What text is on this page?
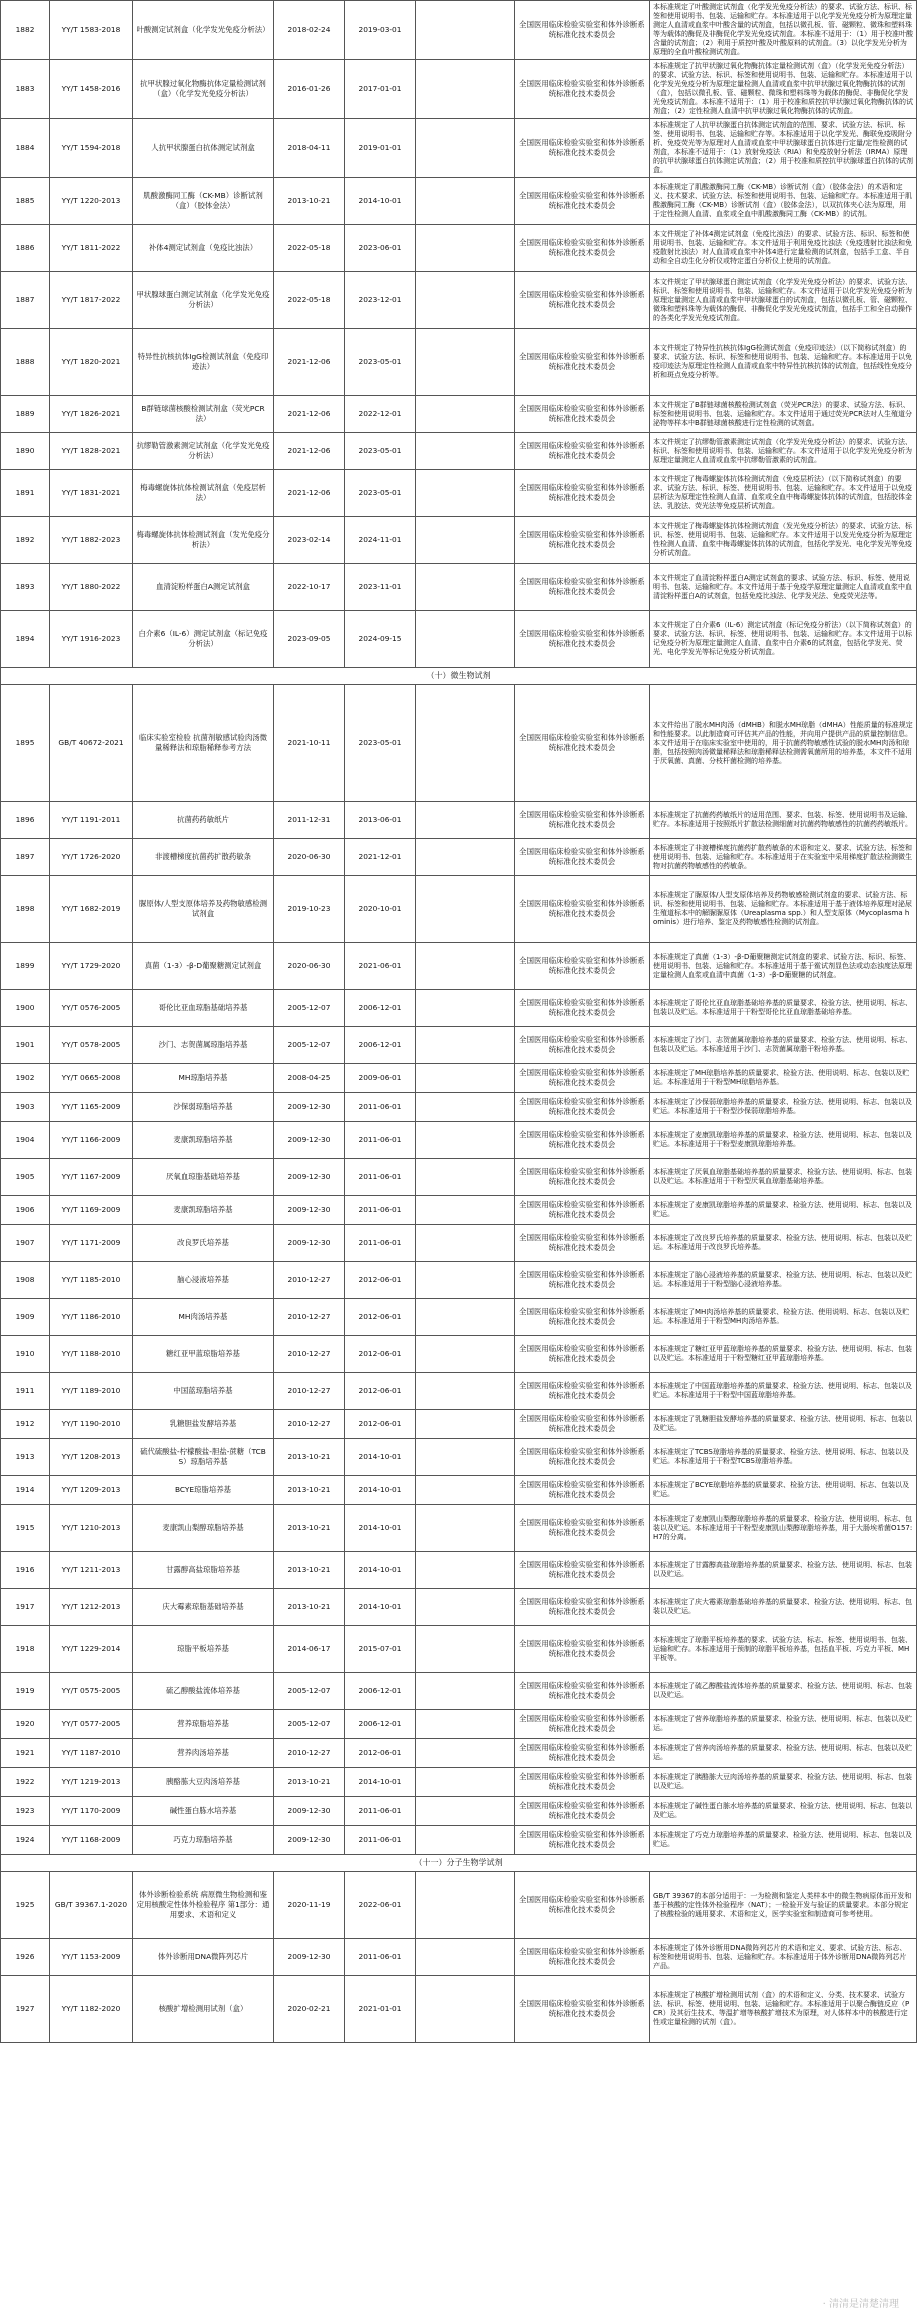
1882	YY/T 1583-2018	叶酸测定试剂盒（化学发光免疫分析法）	2018-02-24	2019-03-01		全国医用临床检验实验室和体外诊断系统标准化技术委员会	本标准规定了叶酸测定试剂盒（化学发光免疫分析法）的要求、试验方法、标识、标签和使用说明书、包装、运输和贮存。本标准适用于以化学发光免疫分析为原理定量测定人血清或血浆中叶酸含量的试剂盒，包括以微孔板、管、磁颗粒、微珠和塑料珠等为载体的酶促及非酶促化学发光免疫试剂盒。本标准不适用于：（1）用于校准叶酸含量的试剂盒；（2）利用于质控叶酸及叶酸原料的试剂盒。（3）以化学发光分析为原理的全血叶酸检测试剂盒。
1883	YY/T 1458-2016	抗甲状腺过氧化物酶抗体定量检测试剂（盒）（化学发光免疫分析法）	2016-01-26	2017-01-01		全国医用临床检验实验室和体外诊断系统标准化技术委员会	本标准规定了抗甲状腺过氧化物酶抗体定量检测试剂（盒）（化学发光免疫分析法）的要求、试验方法、标识、标签和使用说明书、包装、运输和贮存。本标准适用于以化学发光免疫分析为原理定量检测人血清或血浆中抗甲状腺过氧化物酶抗体的试剂（盒），包括以微孔板、管、磁颗粒、微珠和塑料珠等为载体的酶促、非酶促化学发光免疫试剂盒。本标准不适用于：（1）用于校准和质控抗甲状腺过氧化物酶抗体的试剂盒；（2）定性检测人血清中抗甲状腺过氧化物酶抗体的试剂盒。
1884	YY/T 1594-2018	人抗甲状腺蛋白抗体测定试剂盒	2018-04-11	2019-01-01		全国医用临床检验实验室和体外诊断系统标准化技术委员会	本标准规定了人抗甲状腺蛋白抗体测定试剂盒的范围、要求、试验方法、标识、标签、使用说明书、包装、运输和贮存等。本标准适用于以化学发光、酶联免疫吸附分析、免疫荧光等为原理对人血清或血浆中甲状腺球蛋白抗体进行定量/定性检测的试剂盒，本标准不适用于：（1）放射免疫法（RIA）和免疫放射分析法（IRMA）原理的抗甲状腺球蛋白抗体测定试剂盒；（2）用于校准和质控抗甲状腺球蛋白抗体的试剂盒。
1885	YY/T 1220-2013	肌酸激酶同工酶（CK-MB）诊断试剂（盒）（胶体金法）	2013-10-21	2014-10-01		全国医用临床检验实验室和体外诊断系统标准化技术委员会	本标准规定了肌酸激酶同工酶（CK-MB）诊断试剂（盒）（胶体金法）的术语和定义、技术要求、试验方法、标签和使用说明书、包装、运输和贮存。本标准适用于肌酸激酶同工酶（CK-MB）诊断试剂（盒）（胶体金法），以双抗体夹心法为原理，用于定性检测人血清、血浆或全血中肌酸激酶同工酶（CK-MB）的试剂。
1886	YY/T 1811-2022	补体4测定试剂盒（免疫比浊法）	2022-05-18	2023-06-01		全国医用临床检验实验室和体外诊断系统标准化技术委员会	本文件规定了补体4测定试剂盒（免疫比浊法）的要求、试验方法、标识、标签和使用说明书、包装、运输和贮存。本文件适用于利用免疫比浊法（免疫透射比浊法和免疫散射比浊法）对人血清或血浆中补体4进行定量检测的试剂盒，包括手工盒、半自动和全自动生化分析仪或特定蛋白分析仪上使用的试剂盒。
1887	YY/T 1817-2022	甲状腺球蛋白测定试剂盒（化学发光免疫分析法）	2022-05-18	2023-12-01		全国医用临床检验实验室和体外诊断系统标准化技术委员会	本文件规定了甲状腺球蛋白测定试剂盒（化学发光免疫分析法）的要求、试验方法、标识、标签和使用说明书、包装、运输和贮存。本文件适用于以化学发光免疫分析为原理定量测定人血清或血浆中甲状腺球蛋白的试剂盒，包括以微孔板、管、磁颗粒、微珠和塑料珠等为载体的酶促、非酶促化学发光免疫试剂盒，包括手工和全自动操作的各类化学发光免疫试剂盒。
1888	YY/T 1820-2021	特异性抗核抗体IgG检测试剂盒（免疫印迹法）	2021-12-06	2023-05-01		全国医用临床检验实验室和体外诊断系统标准化技术委员会	本文件规定了特异性抗核抗体IgG检测试剂盒（免疫印迹法）（以下简称试剂盒）的要求、试验方法、标识、标签和使用说明书、包装、运输和贮存。本标准适用于以免疫印迹法为原理定性检测人血清或血浆中特异性抗核抗体的试剂盒，包括线性免疫分析和斑点免疫分析等。
1889	YY/T 1826-2021	B群链球菌核酸检测试剂盒（荧光PCR法）	2021-12-06	2022-12-01		全国医用临床检验实验室和体外诊断系统标准化技术委员会	本文件规定了B群链球菌核酸检测试剂盒（荧光PCR法）的要求、试验方法、标识、标签和使用说明书、包装、运输和贮存。本文件适用于通过荧光PCR法对人生殖道分泌物等样本中B群链球菌核酸进行定性检测的试剂盒。
1890	YY/T 1828-2021	抗缪勒管激素测定试剂盒（化学发光免疫分析法）	2021-12-06	2023-05-01		全国医用临床检验实验室和体外诊断系统标准化技术委员会	本文件规定了抗缪勒管激素测定试剂盒（化学发光免疫分析法）的要求、试验方法、标识、标签和使用说明书、包装、运输和贮存。本文件适用于以化学发光免疫分析为原理定量测定人血清或血浆中抗缪勒管激素的试剂盒。
1891	YY/T 1831-2021	梅毒螺旋体抗体检测试剂盒（免疫层析法）	2021-12-06	2023-05-01		全国医用临床检验实验室和体外诊断系统标准化技术委员会	本文件规定了梅毒螺旋体抗体检测试剂盒（免疫层析法）（以下简称试剂盒）的要求、试验方法、标识、标签、使用说明书、包装、运输和贮存。本文件适用于以免疫层析法为原理定性检测人血清、血浆或全血中梅毒螺旋体抗体的试剂盒，包括胶体金法、乳胶法、荧光法等免疫层析试剂盒。
1892	YY/T 1882-2023	梅毒螺旋体抗体检测试剂盒（发光免疫分析法）	2023-02-14	2024-11-01		全国医用临床检验实验室和体外诊断系统标准化技术委员会	本文件规定了梅毒螺旋体抗体检测试剂盒（发光免疫分析法）的要求、试验方法、标识、标签、使用说明书、包装、运输和贮存。本文件适用于以发光免疫分析为原理定性检测人血清、血浆中梅毒螺旋体抗体的试剂盒，包括化学发光、电化学发光等免疫分析试剂盒。
1893	YY/T 1880-2022	血清淀粉样蛋白A测定试剂盒	2022-10-17	2023-11-01		全国医用临床检验实验室和体外诊断系统标准化技术委员会	本文件规定了血清淀粉样蛋白A测定试剂盒的要求、试验方法、标识、标签、使用说明书、包装、运输和贮存。本文件适用于基于免疫学原理定量测定人血清或血浆中血清淀粉样蛋白A的试剂盒，包括免疫比浊法、化学发光法、免疫荧光法等。
1894	YY/T 1916-2023	白介素6（IL-6）测定试剂盒（标记免疫分析法）	2023-09-05	2024-09-15		全国医用临床检验实验室和体外诊断系统标准化技术委员会	本文件规定了白介素6（IL-6）测定试剂盒（标记免疫分析法）（以下简称试剂盒）的要求、试验方法、标识、标签、使用说明书、包装、运输和贮存。本文件适用于以标记免疫分析为原理定量测定人血清、血浆中白介素6的试剂盒，包括化学发光、荧光、电化学发光等标记免疫分析试剂盒。
（十）微生物试剂							
1895	GB/T 40672-2021	临床实验室检验 抗菌剂敏感试验肉汤微量稀释法和琼脂稀释参考方法	2021-10-11	2023-05-01		全国医用临床检验实验室和体外诊断系统标准化技术委员会	本文件给出了脱水MH肉汤（dMHB）和脱水MH琼脂（dMHA）性能质量的标准规定和性能要求。以此制造商可评估其产品的性能，并向用户提供产品的质量控制信息。本文件适用于在临床实验室中使用的，用于抗菌药物敏感性试验的脱水MH肉汤和琼脂，包括按照肉汤微量稀释法和琼脂稀释法检测需氧菌所用的培养基，本文件不适用于厌氧菌、真菌、分枝杆菌检测的培养基。
1896	YY/T 1191-2011	抗菌药药敏纸片	2011-12-31	2013-06-01		全国医用临床检验实验室和体外诊断系统标准化技术委员会	本标准规定了抗菌药药敏纸片的适用范围、要求、包装、标签、使用说明书及运输、贮存。本标准适用于按照纸片扩散法检测细菌对抗菌药物敏感性的抗菌药药敏纸片。
1897	YY/T 1726-2020	非渡槽梯度抗菌药扩散药敏条	2020-06-30	2021-12-01		全国医用临床检验实验室和体外诊断系统标准化技术委员会	本标准规定了非渡槽梯度抗菌药扩散药敏条的术语和定义、要求、试验方法、标签和使用说明书、包装、运输和贮存。本标准适用于在实验室中采用梯度扩散法检测微生物对抗菌药物敏感性的药敏条。
1898	YY/T 1682-2019	脲原体/人型支原体培养及药物敏感检测试剂盒	2019-10-23	2020-10-01		全国医用临床检验实验室和体外诊断系统标准化技术委员会	本标准规定了脲原体/人型支原体培养及药物敏感检测试剂盒的要求、试验方法、标识、标签和使用说明书、包装、运输和贮存。本标准适用于基于液体培养原理对泌尿生殖道标本中的解脲脲原体（Ureaplasma spp.）和人型支原体（Mycoplasma hominis）进行培养、鉴定及药物敏感性检测的试剂盒。
1899	YY/T 1729-2020	真菌（1-3）-β-D葡聚糖测定试剂盒	2020-06-30	2021-06-01		全国医用临床检验实验室和体外诊断系统标准化技术委员会	本标准规定了真菌（1-3）-β-D葡聚糖测定试剂盒的要求、试验方法、标识、标签、使用说明书、包装、运输和贮存。本标准适用于基于鲎试剂显色法或动态浊度法原理定量检测人血浆或血清中真菌（1-3）-β-D葡聚糖的试剂盒。
1900	YY/T 0576-2005	哥伦比亚血琼脂基础培养基	2005-12-07	2006-12-01		全国医用临床检验实验室和体外诊断系统标准化技术委员会	本标准规定了哥伦比亚血琼脂基础培养基的质量要求、检验方法、使用说明、标志、包装以及贮运。本标准适用于干粉型哥伦比亚血琼脂基础培养基。
1901	YY/T 0578-2005	沙门、志贺菌属琼脂培养基	2005-12-07	2006-12-01		全国医用临床检验实验室和体外诊断系统标准化技术委员会	本标准规定了沙门、志贺菌属琼脂培养基的质量要求、检验方法、使用说明、标志、包装以及贮运。本标准适用于沙门、志贺菌属琼脂干粉培养基。
1902	YY/T 0665-2008	MH琼脂培养基	2008-04-25	2009-06-01		全国医用临床检验实验室和体外诊断系统标准化技术委员会	本标准规定了MH琼脂培养基的质量要求、检验方法、使用说明、标志、包装以及贮运。本标准适用于干粉型MH琼脂培养基。
1903	YY/T 1165-2009	沙保弱琼脂培养基	2009-12-30	2011-06-01		全国医用临床检验实验室和体外诊断系统标准化技术委员会	本标准规定了沙保弱琼脂培养基的质量要求、检验方法、使用说明、标志、包装以及贮运。本标准适用于干粉型沙保弱琼脂培养基。
1904	YY/T 1166-2009	麦康凯琼脂培养基	2009-12-30	2011-06-01		全国医用临床检验实验室和体外诊断系统标准化技术委员会	本标准规定了麦康凯琼脂培养基的质量要求、检验方法、使用说明、标志、包装以及贮运。本标准适用于干粉型麦康凯琼脂培养基。
1905	YY/T 1167-2009	厌氧血琼脂基础培养基	2009-12-30	2011-06-01		全国医用临床检验实验室和体外诊断系统标准化技术委员会	本标准规定了厌氧血琼脂基础培养基的质量要求、检验方法、使用说明、标志、包装以及贮运。本标准适用于干粉型厌氧血琼脂基础培养基。
1906	YY/T 1169-2009	麦康凯琼脂培养基	2009-12-30	2011-06-01		全国医用临床检验实验室和体外诊断系统标准化技术委员会	本标准规定了麦康凯琼脂培养基的质量要求、检验方法、使用说明、标志、包装以及贮运。
1907	YY/T 1171-2009	改良罗氏培养基	2009-12-30	2011-06-01		全国医用临床检验实验室和体外诊断系统标准化技术委员会	本标准规定了改良罗氏培养基的质量要求、检验方法、使用说明、标志、包装以及贮运。本标准适用于改良罗氏培养基。
1908	YY/T 1185-2010	脑心浸液培养基	2010-12-27	2012-06-01		全国医用临床检验实验室和体外诊断系统标准化技术委员会	本标准规定了脑心浸液培养基的质量要求、检验方法、使用说明、标志、包装以及贮运。本标准适用于干粉型脑心浸液培养基。
1909	YY/T 1186-2010	MH肉汤培养基	2010-12-27	2012-06-01		全国医用临床检验实验室和体外诊断系统标准化技术委员会	本标准规定了MH肉汤培养基的质量要求、检验方法、使用说明、标志、包装以及贮运。本标准适用于干粉型MH肉汤培养基。
1910	YY/T 1188-2010	糖红亚甲蓝琼脂培养基	2010-12-27	2012-06-01		全国医用临床检验实验室和体外诊断系统标准化技术委员会	本标准规定了糖红亚甲蓝琼脂培养基的质量要求、检验方法、使用说明、标志、包装以及贮运。本标准适用于干粉型糖红亚甲蓝琼脂培养基。
1911	YY/T 1189-2010	中国蓝琼脂培养基	2010-12-27	2012-06-01		全国医用临床检验实验室和体外诊断系统标准化技术委员会	本标准规定了中国蓝琼脂培养基的质量要求、检验方法、使用说明、标志、包装以及贮运。本标准适用于干粉型中国蓝琼脂培养基。
1912	YY/T 1190-2010	乳糖胆盐发酵培养基	2010-12-27	2012-06-01		全国医用临床检验实验室和体外诊断系统标准化技术委员会	本标准规定了乳糖胆盐发酵培养基的质量要求、检验方法、使用说明、标志、包装以及贮运。
1913	YY/T 1208-2013	硫代硫酸盐-柠檬酸盐-胆盐-蔗糖（TCBS）琼脂培养基	2013-10-21	2014-10-01		全国医用临床检验实验室和体外诊断系统标准化技术委员会	本标准规定了TCBS琼脂培养基的质量要求、检验方法、使用说明、标志、包装以及贮运。本标准适用于干粉型TCBS琼脂培养基。
1914	YY/T 1209-2013	BCYE琼脂培养基	2013-10-21	2014-10-01		全国医用临床检验实验室和体外诊断系统标准化技术委员会	本标准规定了BCYE琼脂培养基的质量要求、检验方法、使用说明、标志、包装以及贮运。
1915	YY/T 1210-2013	麦康凯山梨醇琼脂培养基	2013-10-21	2014-10-01		全国医用临床检验实验室和体外诊断系统标准化技术委员会	本标准规定了麦康凯山梨醇琼脂培养基的质量要求、检验方法、使用说明、标志、包装以及贮运。本标准适用于干粉型麦康凯山梨醇琼脂培养基，用于大肠埃希菌O157:H7的分离。
1916	YY/T 1211-2013	甘露醇高盐琼脂培养基	2013-10-21	2014-10-01		全国医用临床检验实验室和体外诊断系统标准化技术委员会	本标准规定了甘露醇高盐琼脂培养基的质量要求、检验方法、使用说明、标志、包装以及贮运。
1917	YY/T 1212-2013	庆大霉素琼脂基础培养基	2013-10-21	2014-10-01		全国医用临床检验实验室和体外诊断系统标准化技术委员会	本标准规定了庆大霉素琼脂基础培养基的质量要求、检验方法、使用说明、标志、包装以及贮运。
1918	YY/T 1229-2014	琼脂平板培养基	2014-06-17	2015-07-01		全国医用临床检验实验室和体外诊断系统标准化技术委员会	本标准规定了琼脂平板培养基的要求、试验方法、标志、标签、使用说明书、包装、运输和贮存。本标准适用于预制的琼脂平板培养基，包括血平板、巧克力平板、MH平板等。
1919	YY/T 0575-2005	硫乙醇酸盐流体培养基	2005-12-07	2006-12-01		全国医用临床检验实验室和体外诊断系统标准化技术委员会	本标准规定了硫乙醇酸盐流体培养基的质量要求、检验方法、使用说明、标志、包装以及贮运。
1920	YY/T 0577-2005	营养琼脂培养基	2005-12-07	2006-12-01		全国医用临床检验实验室和体外诊断系统标准化技术委员会	本标准规定了营养琼脂培养基的质量要求、检验方法、使用说明、标志、包装以及贮运。
1921	YY/T 1187-2010	营养肉汤培养基	2010-12-27	2012-06-01		全国医用临床检验实验室和体外诊断系统标准化技术委员会	本标准规定了营养肉汤培养基的质量要求、检验方法、使用说明、标志、包装以及贮运。
1922	YY/T 1219-2013	胰酪胨大豆肉汤培养基	2013-10-21	2014-10-01		全国医用临床检验实验室和体外诊断系统标准化技术委员会	本标准规定了胰酪胨大豆肉汤培养基的质量要求、检验方法、使用说明、标志、包装以及贮运。
1923	YY/T 1170-2009	碱性蛋白胨水培养基	2009-12-30	2011-06-01		全国医用临床检验实验室和体外诊断系统标准化技术委员会	本标准规定了碱性蛋白胨水培养基的质量要求、检验方法、使用说明、标志、包装以及贮运。
1924	YY/T 1168-2009	巧克力琼脂培养基	2009-12-30	2011-06-01		全国医用临床检验实验室和体外诊断系统标准化技术委员会	本标准规定了巧克力琼脂培养基的质量要求、检验方法、使用说明、标志、包装以及贮运。
（十一）分子生物学试剂							
1925	GB/T 39367.1-2020	体外诊断检验系统 病原微生物检测和鉴定用核酸定性体外检验程序 第1部分：通用要求、术语和定义	2020-11-19	2022-06-01		全国医用临床检验实验室和体外诊断系统标准化技术委员会	GB/T 39367的本部分适用于：一为检测和鉴定人类样本中的微生物病原体而开发和基于核酸的定性体外检验程序（NAT）；一检验开发与验证的质量要求。本部分规定了核酸检验的通用要求、术语和定义，医学实验室和制造商可参考使用。
1926	YY/T 1153-2009	体外诊断用DNA微阵列芯片	2009-12-30	2011-06-01		全国医用临床检验实验室和体外诊断系统标准化技术委员会	本标准规定了体外诊断用DNA微阵列芯片的术语和定义、要求、试验方法、标志、标签和使用说明书、包装、运输和贮存。本标准适用于体外诊断用DNA微阵列芯片产品。
1927	YY/T 1182-2020	核酸扩增检测用试剂（盒）	2020-02-21	2021-01-01		全国医用临床检验实验室和体外诊断系统标准化技术委员会	本标准规定了核酸扩增检测用试剂（盒）的术语和定义、分类、技术要求、试验方法、标识、标签、使用说明、包装、运输和贮存。本标准适用于以聚合酶链反应（PCR）及其衍生技术、等温扩增等核酸扩增技术为原理，对人体样本中的核酸进行定性或定量检测的试剂（盒）。
· 清清是清楚清理
